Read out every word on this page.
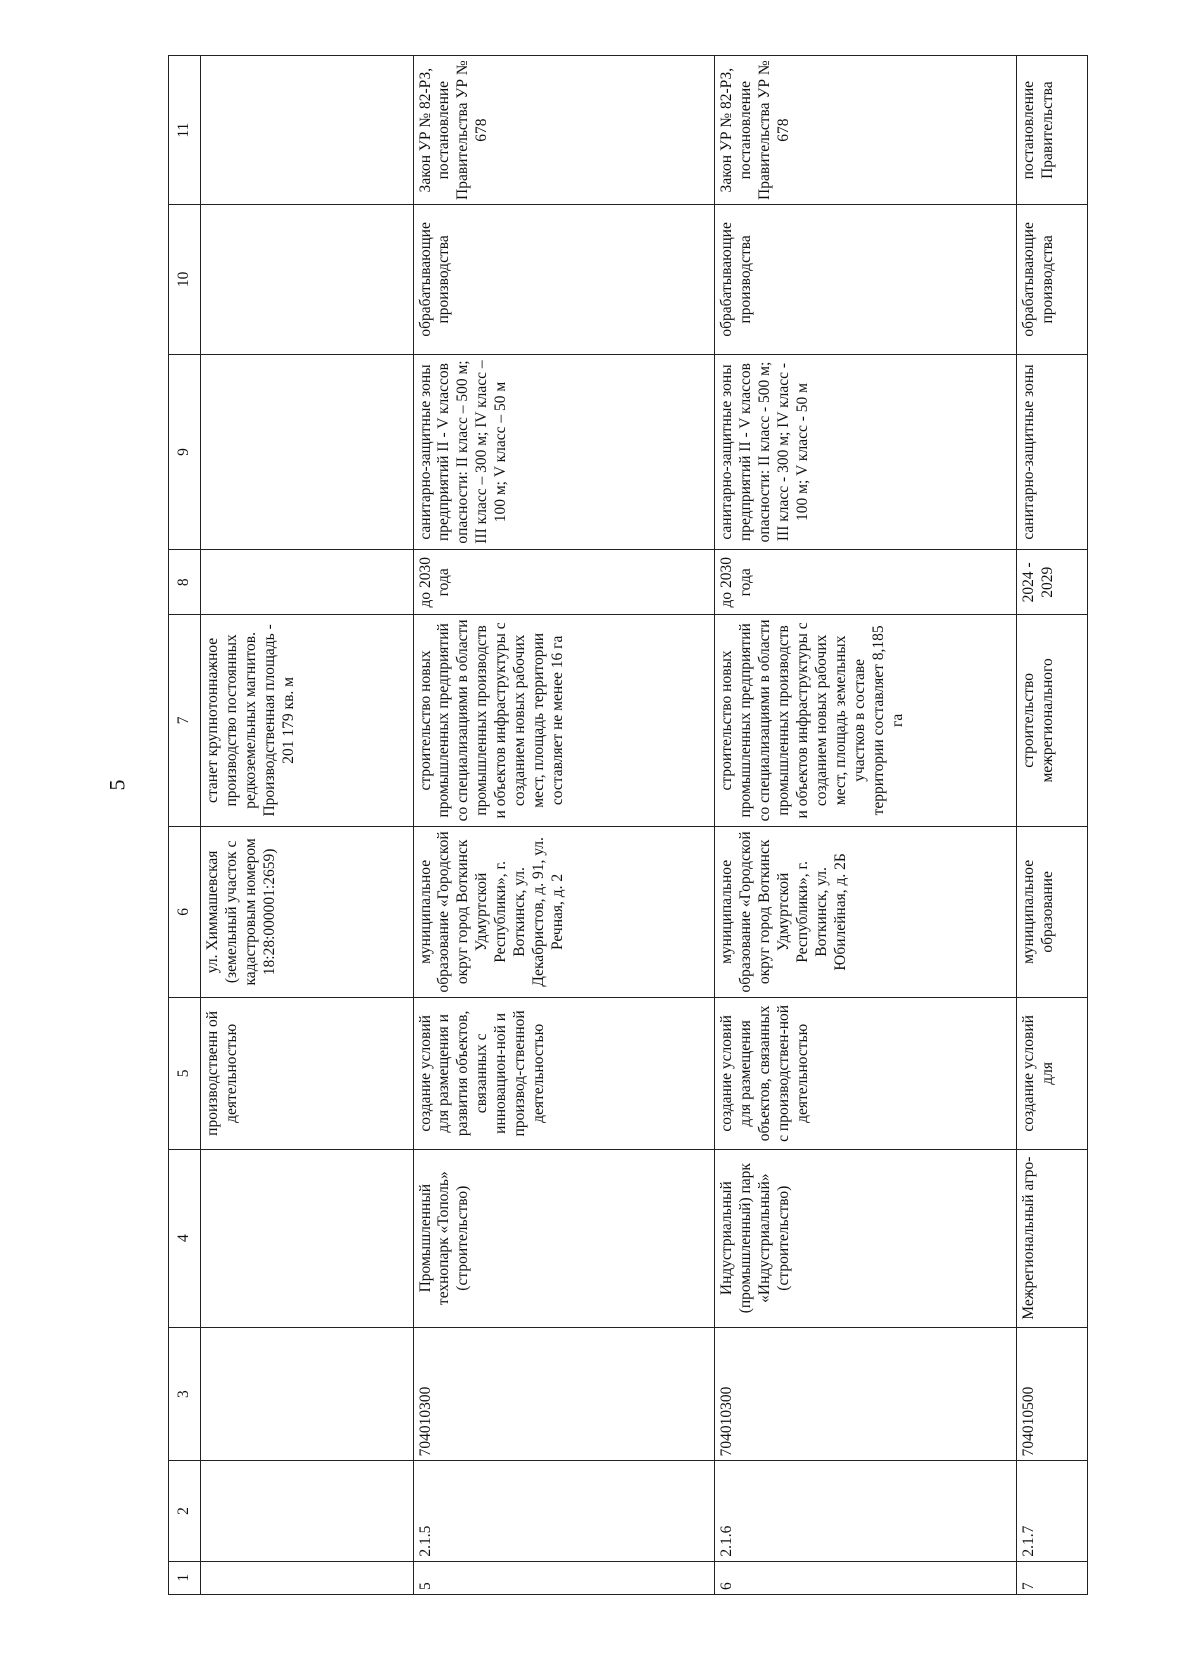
5
1	2	3	4	5	6	7	8	9	10	11
				производственн ой деятельностью	ул. Химмашевская (земельный участок с кадастровым номером 18:28:000001:2659)	станет крупнотоннажное производство постоянных редкоземельных магнитов. Производственная площадь - 201 179 кв. м				
5	2.1.5	704010300	Промышленный технопарк «Тополь» (строительство)	создание условий для размещения и развития объектов, связанных с инновацион-ной и производ-ственной деятельностью	муниципальное образование «Городской округ город Воткинск Удмуртской Республики», г. Воткинск, ул. Декабристов, д. 91, ул. Речная, д. 2	строительство новых промышленных предприятий со специализациями в области промышленных производств и объектов инфраструктуры с созданием новых рабочих мест, площадь территории составляет не менее 16 га	до 2030 года	санитарно-защитные зоны предприятий II - V классов опасности: II класс – 500 м; III класс – 300 м; IV класс – 100 м; V класс – 50 м	обрабатывающие производства	Закон УР № 82-РЗ, постановление Правительства УР № 678
6	2.1.6	704010300	Индустриальный (промышленный) парк «Индустриальный» (строительство)	создание условий для размещения объектов, связанных с производствен-ной деятельностью	муниципальное образование «Городской округ город Воткинск Удмуртской Республики», г. Воткинск, ул. Юбилейная, д. 2Б	строительство новых промышленных предприятий со специализациями в области промышленных производств и объектов инфраструктуры с созданием новых рабочих мест, площадь земельных участков в составе территории составляет 8,185 га	до 2030 года	санитарно-защитные зоны предприятий II - V классов опасности: II класс - 500 м; III класс - 300 м; IV класс - 100 м; V класс - 50 м	обрабатывающие производства	Закон УР № 82-РЗ, постановление Правительства УР № 678
7	2.1.7	704010500	Межрегиональный агро-	создание условий для	муниципальное образование	строительство межрегионального	2024 - 2029	санитарно-защитные зоны	обрабатывающие производства	постановление Правительства
